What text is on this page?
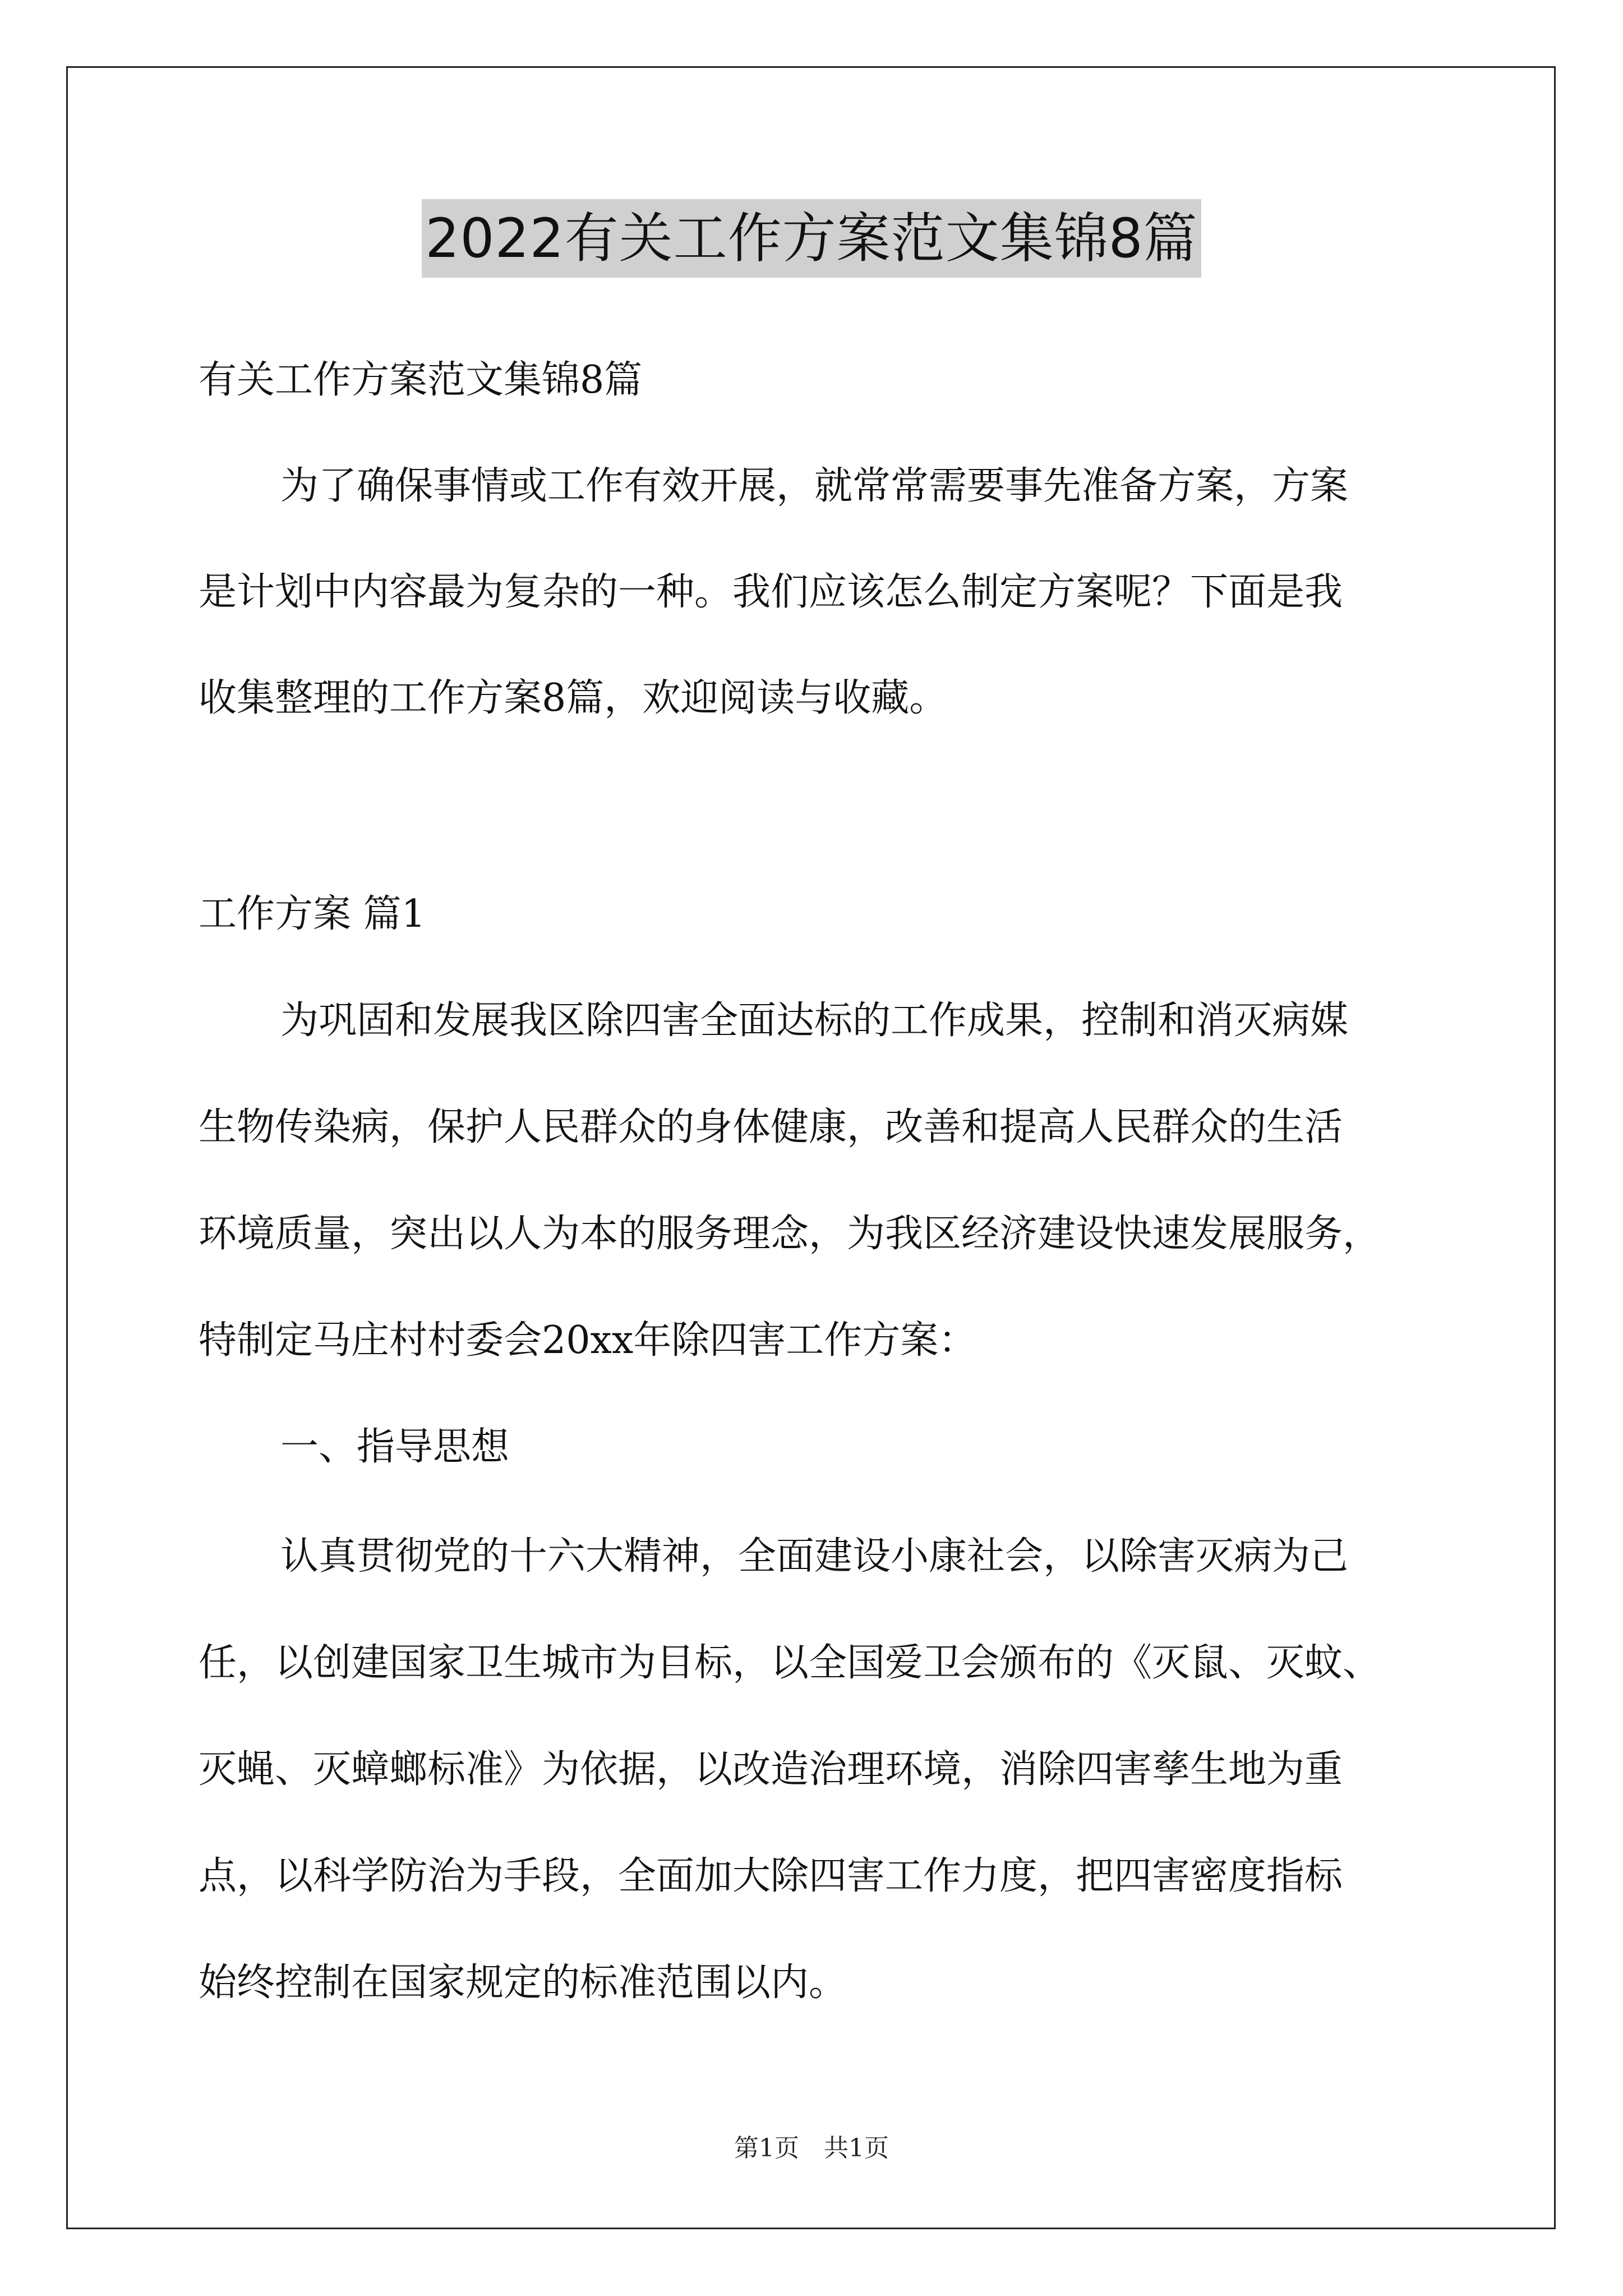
2022有关工作方案范文集锦8篇
有关工作方案范文集锦8篇
为了确保事情或工作有效开展，就常常需要事先准备方案，方案
是计划中内容最为复杂的一种。我们应该怎么制定方案呢？下面是我
收集整理的工作方案8篇，欢迎阅读与收藏。
工作方案 篇1
为巩固和发展我区除四害全面达标的工作成果，控制和消灭病媒
生物传染病，保护人民群众的身体健康，改善和提高人民群众的生活
环境质量，突出以人为本的服务理念，为我区经济建设快速发展服务，
特制定马庄村村委会20xx年除四害工作方案：
一、指导思想
认真贯彻党的十六大精神，全面建设小康社会，以除害灭病为己
任，以创建国家卫生城市为目标，以全国爱卫会颁布的《灭鼠、灭蚊、
灭蝇、灭蟑螂标准》为依据，以改造治理环境，消除四害孳生地为重
点，以科学防治为手段，全面加大除四害工作力度，把四害密度指标
始终控制在国家规定的标准范围以内。
第1页　共1页
